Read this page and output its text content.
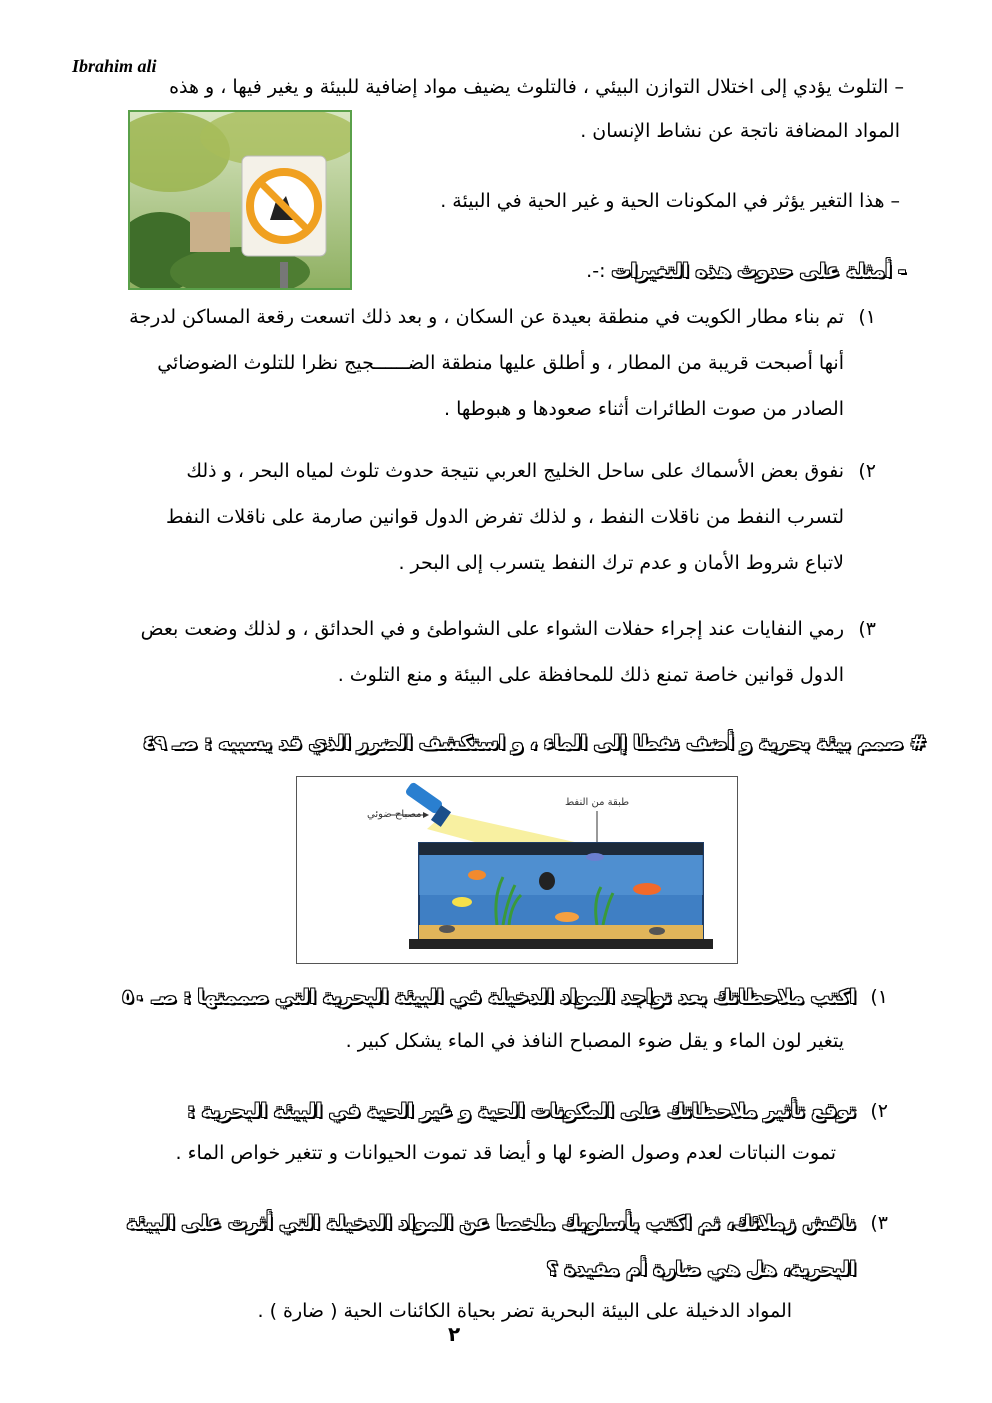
Ibrahim ali
– التلوث يؤدي إلى اختلال التوازن البيئي ، فالتلوث يضيف مواد إضافية للبيئة و يغير فيها ، و هذه
المواد المضافة ناتجة عن نشاط الإنسان .
– هذا التغير يؤثر في المكونات الحية و غير الحية في البيئة .
- أمثلة على حدوث هذه التغيرات :-.
١)
تم بناء مطار الكويت في منطقة بعيدة عن السكان ، و بعد ذلك اتسعت رقعة المساكن لدرجة
أنها أصبحت قريبة من المطار ، و أطلق عليها منطقة الضــــــجيج نظرا للتلوث الضوضائي
الصادر من صوت الطائرات أثناء صعودها و هبوطها .
٢)
نفوق بعض الأسماك على ساحل الخليج العربي نتيجة حدوث تلوث لمياه البحر ، و ذلك
لتسرب النفط من ناقلات النفط ، و لذلك تفرض الدول قوانين صارمة على ناقلات النفط
لاتباع شروط الأمان و عدم ترك النفط يتسرب إلى البحر .
٣)
رمي النفايات عند إجراء حفلات الشواء على الشواطئ و في الحدائق ، و لذلك وضعت بعض
الدول قوانين خاصة تمنع ذلك للمحافظة على البيئة و منع التلوث .
# صمم بيئة بحرية و أضف نفطا إلى الماء ، و استكشف الضرر الذي قد يسببه : صـ ٤٩
مصباح ضوئي
طبقة من النفط
١)
اكتب ملاحظاتك بعد تواجد المواد الدخيلة في البيئة البحرية التي صممتها : صـ ٥٠
يتغير لون الماء و يقل ضوء المصباح النافذ في الماء يشكل كبير .
٢)
توقع تأثير ملاحظاتك على المكونات الحية و غير الحية في البيئة البحرية :
تموت النباتات لعدم وصول الضوء لها و أيضا قد تموت الحيوانات و تتغير خواص الماء .
٣)
ناقش زملائك، ثم اكتب بأسلوبك ملخصا عن المواد الدخيلة التي أثرت على البيئة
البحرية، هل هي ضارة أم مفيدة ؟
المواد الدخيلة على البيئة البحرية تضر بحياة الكائنات الحية ( ضارة ) .
٢
